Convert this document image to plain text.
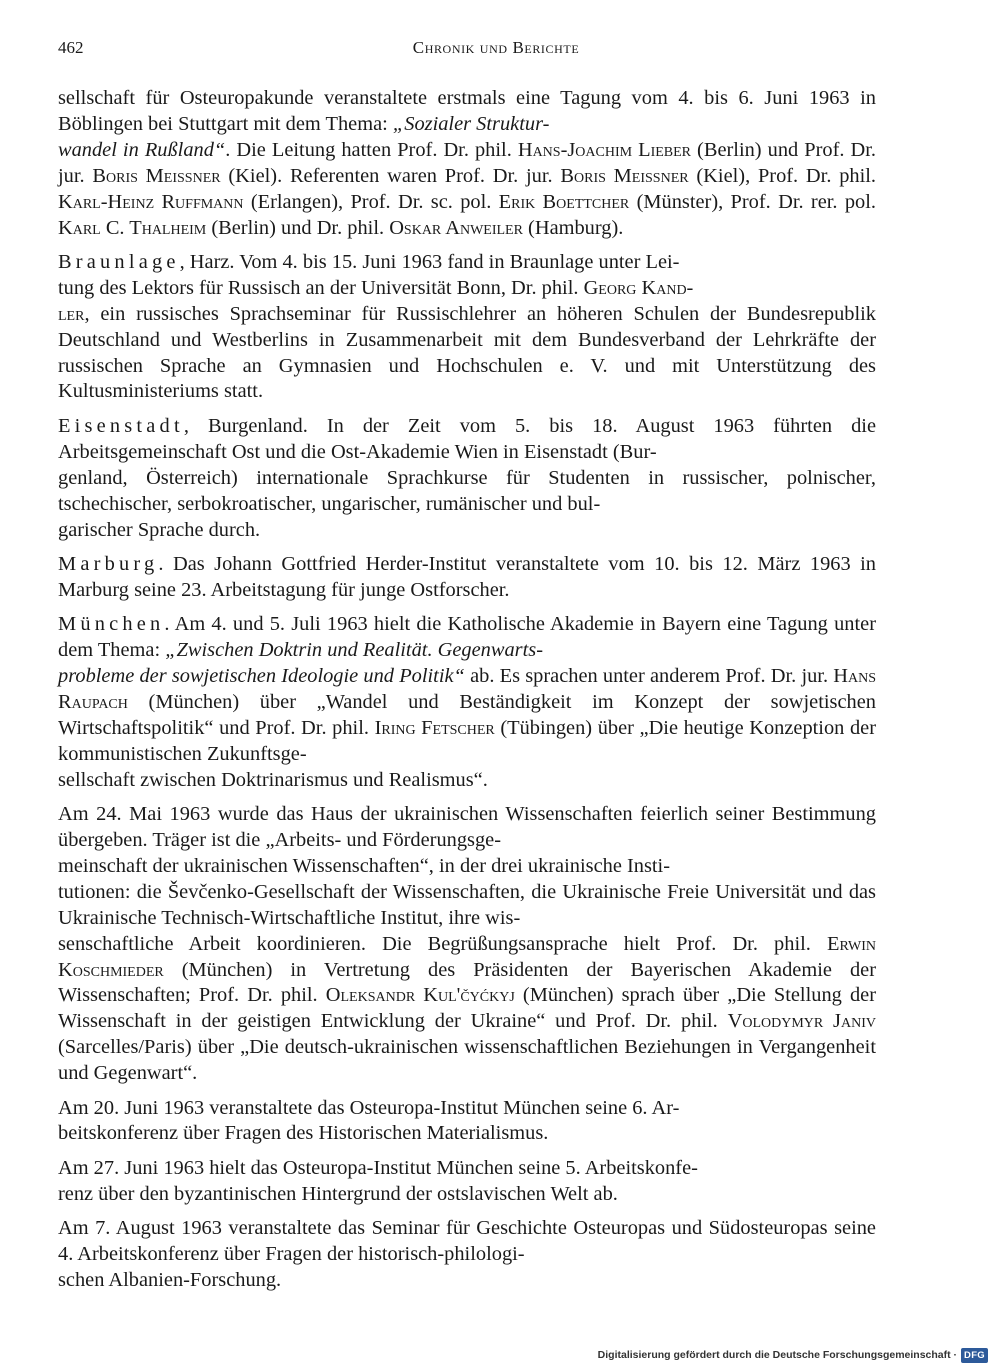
462	Chronik und Berichte

sellschaft für Osteuropakunde veranstaltete erstmals eine Tagung vom 4. bis 6. Juni 1963 in Böblingen bei Stuttgart mit dem Thema: „Sozialer Struktur-
wandel in Rußland“. Die Leitung hatten Prof. Dr. phil. Hans-Joachim Lieber (Berlin) und Prof. Dr. jur. Boris Meissner (Kiel). Referenten waren Prof. Dr. jur. Boris Meissner (Kiel), Prof. Dr. phil. Karl-Heinz Ruffmann (Erlangen), Prof. Dr. sc. pol. Erik Boettcher (Münster), Prof. Dr. rer. pol. Karl C. Thalheim (Berlin) und Dr. phil. Oskar Anweiler (Hamburg).

Braunlage, Harz. Vom 4. bis 15. Juni 1963 fand in Braunlage unter Lei-
tung des Lektors für Russisch an der Universität Bonn, Dr. phil. Georg Kand-
ler, ein russisches Sprachseminar für Russischlehrer an höheren Schulen der Bundesrepublik Deutschland und Westberlins in Zusammenarbeit mit dem Bundesverband der Lehrkräfte der russischen Sprache an Gymnasien und Hochschulen e. V. und mit Unterstützung des Kultusministeriums statt.

Eisenstadt, Burgenland. In der Zeit vom 5. bis 18. August 1963 führten die Arbeitsgemeinschaft Ost und die Ost-Akademie Wien in Eisenstadt (Bur-
genland, Österreich) internationale Sprachkurse für Studenten in russischer, polnischer, tschechischer, serbokroatischer, ungarischer, rumänischer und bul-
garischer Sprache durch.

Marburg. Das Johann Gottfried Herder-Institut veranstaltete vom 10. bis 12. März 1963 in Marburg seine 23. Arbeitstagung für junge Ostforscher.

München. Am 4. und 5. Juli 1963 hielt die Katholische Akademie in Bayern eine Tagung unter dem Thema: „Zwischen Doktrin und Realität. Gegenwarts-
probleme der sowjetischen Ideologie und Politik“ ab. Es sprachen unter anderem Prof. Dr. jur. Hans Raupach (München) über „Wandel und Beständigkeit im Konzept der sowjetischen Wirtschaftspolitik“ und Prof. Dr. phil. Iring Fetscher (Tübingen) über „Die heutige Konzeption der kommunistischen Zukunftsge-
sellschaft zwischen Doktrinarismus und Realismus“.

Am 24. Mai 1963 wurde das Haus der ukrainischen Wissenschaften feierlich seiner Bestimmung übergeben. Träger ist die „Arbeits- und Förderungsge-
meinschaft der ukrainischen Wissenschaften“, in der drei ukrainische Insti-
tutionen: die Ševčenko-Gesellschaft der Wissenschaften, die Ukrainische Freie Universität und das Ukrainische Technisch-Wirtschaftliche Institut, ihre wis-
senschaftliche Arbeit koordinieren. Die Begrüßungsansprache hielt Prof. Dr. phil. Erwin Koschmieder (München) in Vertretung des Präsidenten der Bayerischen Akademie der Wissenschaften; Prof. Dr. phil. Oleksandr Kul'čyćkyj (München) sprach über „Die Stellung der Wissenschaft in der geistigen Entwicklung der Ukraine“ und Prof. Dr. phil. Volodymyr Janiv (Sarcelles/Paris) über „Die deutsch-ukrainischen wissenschaftlichen Beziehungen in Vergangenheit und Gegenwart“.

Am 20. Juni 1963 veranstaltete das Osteuropa-Institut München seine 6. Ar-
beitskonferenz über Fragen des Historischen Materialismus.

Am 27. Juni 1963 hielt das Osteuropa-Institut München seine 5. Arbeitskonfe-
renz über den byzantinischen Hintergrund der ostslavischen Welt ab.

Am 7. August 1963 veranstaltete das Seminar für Geschichte Osteuropas und Südosteuropas seine 4. Arbeitskonferenz über Fragen der historisch-philologi-
schen Albanien-Forschung.

Digitalisierung gefördert durch die Deutsche Forschungsgemeinschaft · DFG
